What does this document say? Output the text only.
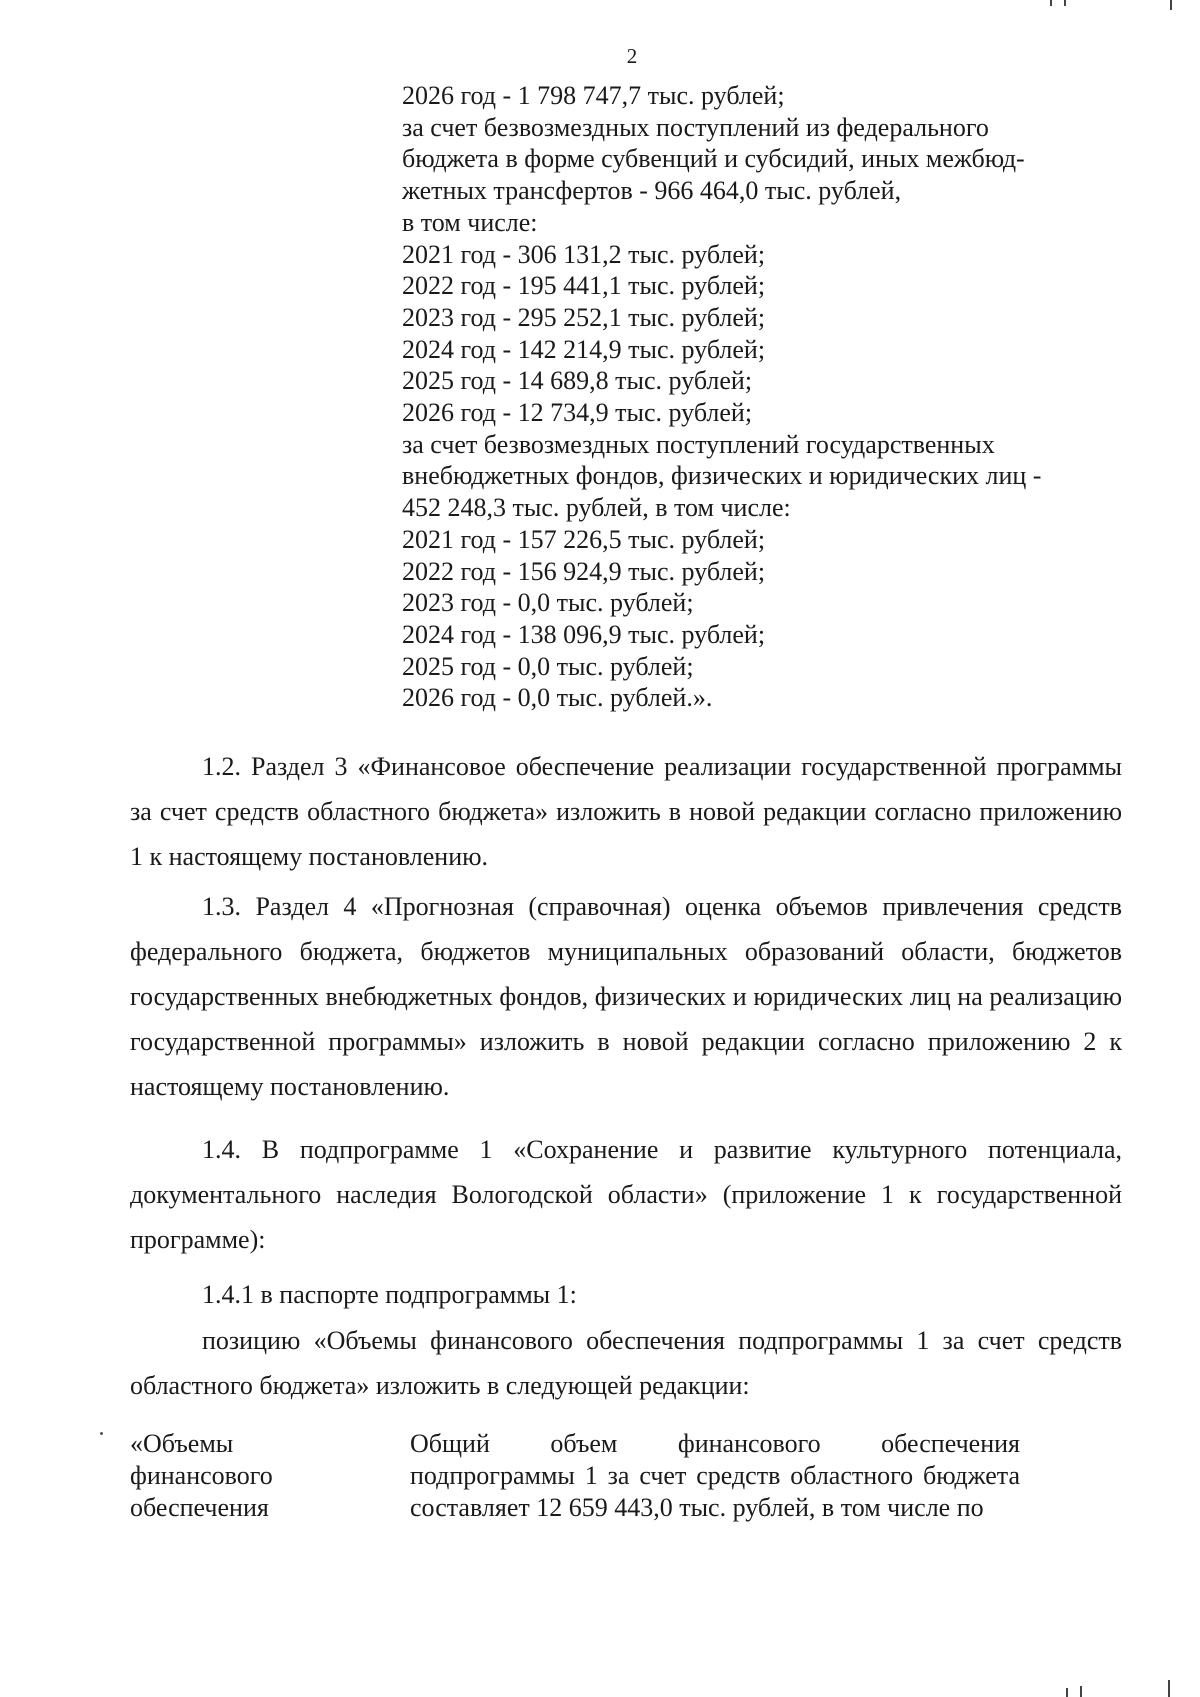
2
2026 год - 1 798 747,7 тыс. рублей;
за счет безвозмездных поступлений из федерального
бюджета в форме субвенций и субсидий, иных межбюд-
жетных трансфертов - 966 464,0 тыс. рублей,
в том числе:
2021 год - 306 131,2 тыс. рублей;
2022 год - 195 441,1 тыс. рублей;
2023 год - 295 252,1 тыс. рублей;
2024 год - 142 214,9 тыс. рублей;
2025 год - 14 689,8 тыс. рублей;
2026 год - 12 734,9 тыс. рублей;
за счет безвозмездных поступлений государственных
внебюджетных фондов, физических и юридических лиц -
452 248,3 тыс. рублей, в том числе:
2021 год - 157 226,5 тыс. рублей;
2022 год - 156 924,9 тыс. рублей;
2023 год - 0,0 тыс. рублей;
2024 год - 138 096,9 тыс. рублей;
2025 год - 0,0 тыс. рублей;
2026 год - 0,0 тыс. рублей.».

1.2. Раздел 3 «Финансовое обеспечение реализации государственной программы за счет средств областного бюджета» изложить в новой редакции согласно приложению 1 к настоящему постановлению.

1.3. Раздел 4 «Прогнозная (справочная) оценка объемов привлечения средств федерального бюджета, бюджетов муниципальных образований области, бюджетов государственных внебюджетных фондов, физических и юридических лиц на реализацию государственной программы» изложить в новой редакции согласно приложению 2 к настоящему постановлению.

1.4. В подпрограмме 1 «Сохранение и развитие культурного потенциала, документального наследия Вологодской области» (приложение 1 к государственной программе):

1.4.1 в паспорте подпрограммы 1:

позицию «Объемы финансового обеспечения подпрограммы 1 за счет средств областного бюджета» изложить в следующей редакции:

«Объемы
финансового
обеспечения
Общий объем финансового обеспечения подпрограммы 1 за счет средств областного бюджета составляет 12 659 443,0 тыс. рублей, в том числе по
